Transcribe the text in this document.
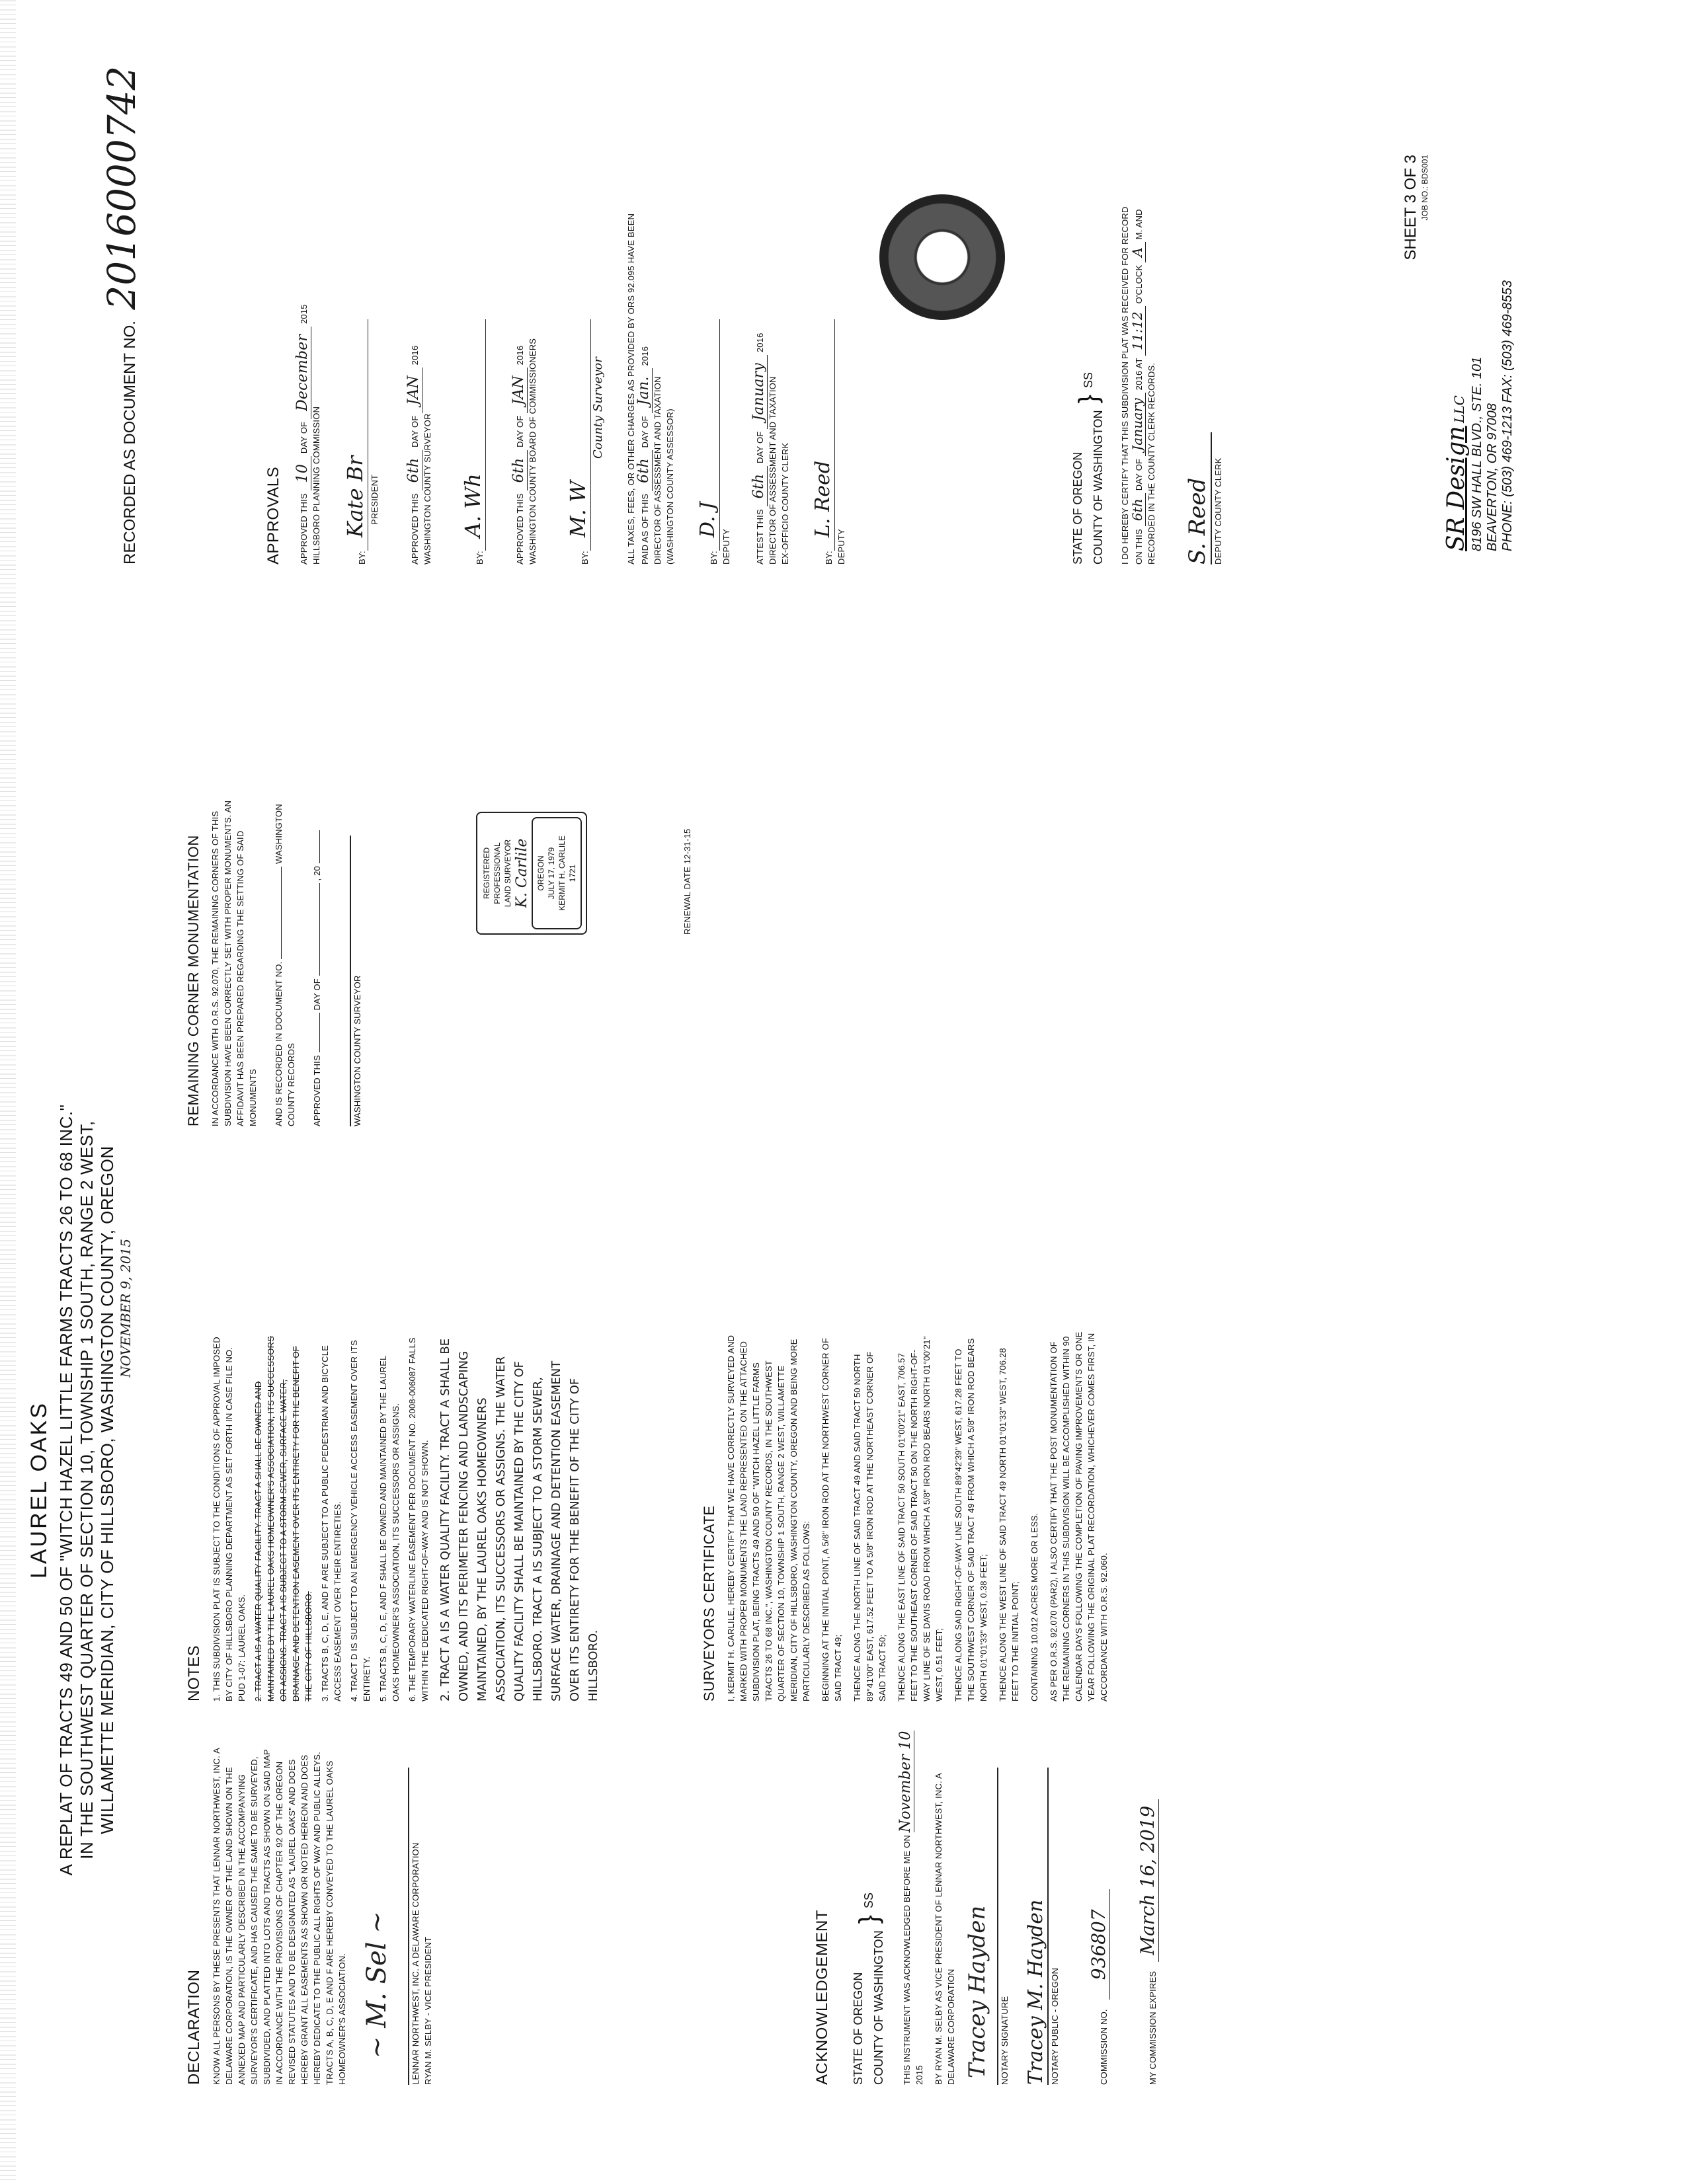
LAUREL OAKS A REPLAT OF TRACTS 49 AND 50 OF "WITCH HAZEL LITTLE FARMS TRACTS 26 TO 68 INC." IN THE SOUTHWEST QUARTER OF SECTION 10, TOWNSHIP 1 SOUTH, RANGE 2 WEST, WILLAMETTE MERIDIAN, CITY OF HILLSBORO, WASHINGTON COUNTY, OREGON NOVEMBER 9, 2015
DECLARATION KNOW ALL PERSONS BY THESE PRESENTS THAT LENNAR NORTHWEST, INC. A DELAWARE CORPORATION, IS THE OWNER OF THE LAND SHOWN ON THE ANNEXED MAP AND PARTICULARLY DESCRIBED IN THE ACCOMPANYING SURVEYOR'S CERTIFICATE, AND HAS CAUSED THE SAME TO BE SURVEYED, SUBDIVIDED, AND PLATTED INTO LOTS AND TRACTS AS SHOWN ON SAID MAP IN ACCORDANCE WITH THE PROVISIONS OF CHAPTER 92 OF THE OREGON REVISED STATUTES AND TO BE DESIGNATED AS "LAUREL OAKS" AND DOES HEREBY GRANT ALL EASEMENTS AS SHOWN OR NOTED HEREON AND DOES HEREBY DEDICATE TO THE PUBLIC ALL RIGHTS OF WAY AND PUBLIC ALLEYS. TRACTS A, B, C, D, E AND F ARE HEREBY CONVEYED TO THE LAUREL OAKS HOMEOWNER'S ASSOCIATION. ~ M. Sel ~ LENNAR NORTHWEST, INC. A DELAWARE CORPORATION RYAN M. SELBY - VICE PRESIDENT	ACKNOWLEDGEMENT STATE OF OREGON COUNTY OF WASHINGTON
}
SS	THIS INSTRUMENT WAS ACKNOWLEDGED BEFORE ME ON November 10 2015 BY RYAN M. SELBY AS VICE PRESIDENT OF LENNAR NORTHWEST, INC. A DELAWARE CORPORATION Tracey Hayden NOTARY SIGNATURE Tracey M. Hayden NOTARY PUBLIC - OREGON	COMMISSION NO.
936807
MY COMMISSION EXPIRES
March 16, 2019
NOTES 1. THIS SUBDIVISION PLAT IS SUBJECT TO THE CONDITIONS OF APPROVAL IMPOSED BY CITY OF HILLSBORO PLANNING DEPARTMENT AS SET FORTH IN CASE FILE NO. PUD 1-07: LAUREL OAKS. 2. TRACT A IS A WATER QUALITY FACILITY. TRACT A SHALL BE OWNED AND MAINTAINED BY THE LAUREL OAKS HOMEOWNER'S ASSOCIATION, ITS SUCCESSORS OR ASSIGNS. TRACT A IS SUBJECT TO A STORM SEWER, SURFACE WATER, DRAINAGE AND DETENTION EASEMENT OVER ITS ENTIRETY FOR THE BENEFIT OF THE CITY OF HILLSBORO. 3. TRACTS B, C, D, E, AND F ARE SUBJECT TO A PUBLIC PEDESTRIAN AND BICYCLE ACCESS EASEMENT OVER THEIR ENTIRETIES. 4. TRACT D IS SUBJECT TO AN EMERGENCY VEHICLE ACCESS EASEMENT OVER ITS ENTIRETY. 5. TRACTS B, C, D, E, AND F SHALL BE OWNED AND MAINTAINED BY THE LAUREL OAKS HOMEOWNER'S ASSOCIATION, ITS SUCCESSORS OR ASSIGNS. 6. THE TEMPORARY WATERLINE EASEMENT PER DOCUMENT NO. 2008-006087 FALLS WITHIN THE DEDICATED RIGHT-OF-WAY AND IS NOT SHOWN. 2. TRACT A IS A WATER QUALITY FACILITY. TRACT A SHALL BE OWNED, AND ITS PERIMETER FENCING AND LANDSCAPING MAINTAINED, BY THE LAUREL OAKS HOMEOWNERS ASSOCIATION, ITS SUCCESSORS OR ASSIGNS. THE WATER QUALITY FACILITY SHALL BE MAINTAINED BY THE CITY OF HILLSBORO. TRACT A IS SUBJECT TO A STORM SEWER, SURFACE WATER, DRAINAGE AND DETENTION EASEMENT OVER ITS ENTIRETY FOR THE BENEFIT OF THE CITY OF HILLSBORO.	SURVEYORS CERTIFICATE I, KERMIT H. CARLILE, HEREBY CERTIFY THAT WE HAVE CORRECTLY SURVEYED AND MARKED WITH PROPER MONUMENTS THE LAND REPRESENTED ON THE ATTACHED SUBDIVISION PLAT, BEING TRACTS 49 AND 50 OF "WITCH HAZEL LITTLE FARMS TRACTS 26 TO 68 INC.", WASHINGTON COUNTY RECORDS, IN THE SOUTHWEST QUARTER OF SECTION 10, TOWNSHIP 1 SOUTH, RANGE 2 WEST, WILLAMETTE MERIDIAN, CITY OF HILLSBORO, WASHINGTON COUNTY, OREGON AND BEING MORE PARTICULARLY DESCRIBED AS FOLLOWS: BEGINNING AT THE INITIAL POINT, A 5/8" IRON ROD AT THE NORTHWEST CORNER OF SAID TRACT 49; THENCE ALONG THE NORTH LINE OF SAID TRACT 49 AND SAID TRACT 50 NORTH 89°41'00" EAST, 617.52 FEET TO A 5/8" IRON ROD AT THE NORTHEAST CORNER OF SAID TRACT 50; THENCE ALONG THE EAST LINE OF SAID TRACT 50 SOUTH 01°00'21" EAST, 706.57 FEET TO THE SOUTHEAST CORNER OF SAID TRACT 50 ON THE NORTH RIGHT-OF-WAY LINE OF SE DAVIS ROAD FROM WHICH A 5/8" IRON ROD BEARS NORTH 01°00'21" WEST, 0.51 FEET; THENCE ALONG SAID RIGHT-OF-WAY LINE SOUTH 89°42'39" WEST, 617.28 FEET TO THE SOUTHWEST CORNER OF SAID TRACT 49 FROM WHICH A 5/8" IRON ROD BEARS NORTH 01°01'33" WEST, 0.38 FEET; THENCE ALONG THE WEST LINE OF SAID TRACT 49 NORTH 01°01'33" WEST, 706.28 FEET TO THE INITIAL POINT; CONTAINING 10.012 ACRES MORE OR LESS. AS PER O.R.S. 92.070 (PAR2), I ALSO CERTIFY THAT THE POST MONUMENTATION OF THE REMAINING CORNERS IN THIS SUBDIVISION WILL BE ACCOMPLISHED WITHIN 90 CALENDAR DAYS FOLLOWING THE COMPLETION OF PAVING IMPROVEMENTS OR ONE YEAR FOLLOWING THE ORIGINAL PLAT RECORDATION, WHICHEVER COMES FIRST, IN ACCORDANCE WITH O.R.S. 92.060.
REMAINING CORNER MONUMENTATION IN ACCORDANCE WITH O.R.S. 92.070, THE REMAINING CORNERS OF THIS SUBDIVISION HAVE BEEN CORRECTLY SET WITH PROPER MONUMENTS. AN AFFIDAVIT HAS BEEN PREPARED REGARDING THE SETTING OF SAID MONUMENTS AND IS RECORDED IN DOCUMENT NO.  WASHINGTON COUNTY RECORDS APPROVED THIS  DAY OF  , 20
WASHINGTON COUNTY SURVEYOR
REGISTERED PROFESSIONAL LAND SURVEYOR K. Carlile OREGON JULY 17, 1979 KERMIT H. CARLILE 1721	RENEWAL DATE 12-31-15
APPROVALS	APPROVED THIS 10 DAY OF December 2015
HILLSBORO PLANNING COMMISSION	BY:
Kate Br PRESIDENT	APPROVED THIS 6th DAY OF JAN 2016
WASHINGTON COUNTY SURVEYOR	BY:
A. Wh	APPROVED THIS 6th DAY OF JAN 2016 WASHINGTON COUNTY BOARD OF COMMISSIONERS	BY:
M. W
County Surveyor ALL TAXES, FEES, OR OTHER CHARGES AS PROVIDED BY ORS 92.095 HAVE BEEN PAID AS OF THIS 6th DAY OF Jan. 2016
DIRECTOR OF ASSESSMENT AND TAXATION (WASHINGTON COUNTY ASSESSOR)	BY:
D. J
DEPUTY	ATTEST THIS 6th DAY OF January 2016
DIRECTOR OF ASSESSMENT AND TAXATION EX-OFFICIO COUNTY CLERK	BY:
L. Reed
DEPUTY	STATE OF OREGON COUNTY OF WASHINGTON
}
SS	I DO HEREBY CERTIFY THAT THIS SUBDIVISION PLAT WAS RECEIVED FOR RECORD ON THIS 6th DAY OF January 2016 AT 11:12 O'CLOCK A M. AND RECORDED IN THE COUNTY CLERK RECORDS. S. Reed DEPUTY COUNTY CLERK
SHEET 3 OF 3 JOB NO.: BDS001
SR Design LLC 8196 SW HALL BLVD., STE. 101 BEAVERTON, OR 97008 PHONE: (503) 469-1213 FAX: (503) 469-8553
RECORDED AS DOCUMENT NO. 2016000742
